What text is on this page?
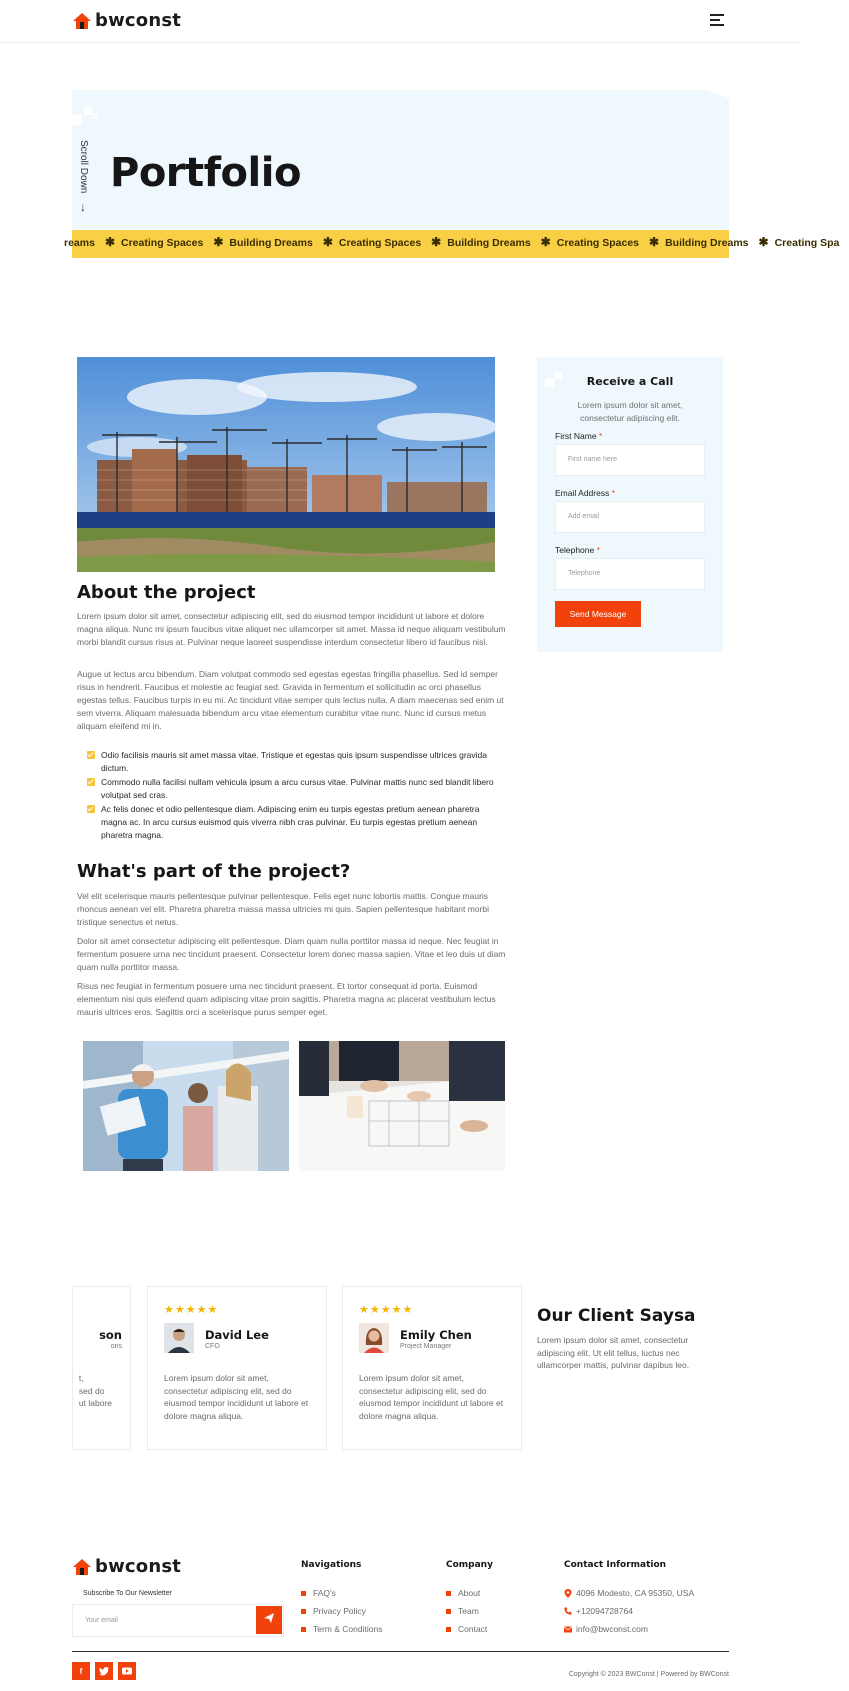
bwconst
Scroll Down
↓
Portfolio
reams ✱ Creating Spaces ✱ Building Dreams ✱ Creating Spaces ✱ Building Dreams ✱ Creating Spaces ✱ Building Dreams ✱ Creating Spa
About the project

Lorem ipsum dolor sit amet, consectetur adipiscing elit, sed do eiusmod tempor incididunt ut labore et dolore magna aliqua. Nunc mi ipsum faucibus vitae aliquet nec ullamcorper sit amet. Massa id neque aliquam vestibulum morbi blandit cursus risus at. Pulvinar neque laoreet suspendisse interdum consectetur libero id faucibus nisl.

Augue ut lectus arcu bibendum. Diam volutpat commodo sed egestas egestas fringilla phasellus. Sed id semper risus in hendrerit. Faucibus et molestie ac feugiat sed. Gravida in fermentum et sollicitudin ac orci phasellus egestas tellus. Faucibus turpis in eu mi. Ac tincidunt vitae semper quis lectus nulla. A diam maecenas sed enim ut sem viverra. Aliquam malesuada bibendum arcu vitae elementum curabitur vitae nunc. Nunc id cursus metus aliquam eleifend mi in.

Odio facilisis mauris sit amet massa vitae. Tristique et egestas quis ipsum suspendisse ultrices gravida dictum.
Commodo nulla facilisi nullam vehicula ipsum a arcu cursus vitae. Pulvinar mattis nunc sed blandit libero volutpat sed cras.
Ac felis donec et odio pellentesque diam. Adipiscing enim eu turpis egestas pretium aenean pharetra magna ac. In arcu cursus euismod quis viverra nibh cras pulvinar. Eu turpis egestas pretium aenean pharetra magna.
What's part of the project?

Vel elit scelerisque mauris pellentesque pulvinar pellentesque. Felis eget nunc lobortis mattis. Congue mauris rhoncus aenean vel elit. Pharetra pharetra massa massa ultricies mi quis. Sapien pellentesque habitant morbi tristique senectus et netus.

Dolor sit amet consectetur adipiscing elit pellentesque. Diam quam nulla porttitor massa id neque. Nec feugiat in fermentum posuere urna nec tincidunt praesent. Consectetur lorem donec massa sapien. Vitae et leo duis ut diam quam nulla porttitor massa.

Risus nec feugiat in fermentum posuere urna nec tincidunt praesent. Et tortor consequat id porta. Euismod elementum nisi quis eleifend quam adipiscing vitae proin sagittis. Pharetra magna ac placerat vestibulum lectus mauris ultrices eros. Sagittis orci a scelerisque purus semper eget.

Receive a Call
Lorem ipsum dolor sit amet, consectetur adipiscing elit.
First Name *
First name here
Email Address *
Add email
Telephone *
Telephone
Send Message
son
ons
t,
sed do
ut labore
★★★★★
David Lee
CFO
Lorem ipsum dolor sit amet, consectetur adipiscing elit, sed do eiusmod tempor incididunt ut labore et dolore magna aliqua.
★★★★★
Emily Chen
Project Manager
Lorem ipsum dolor sit amet, consectetur adipiscing elit, sed do eiusmod tempor incididunt ut labore et dolore magna aliqua.
Our Client Saysa
Lorem ipsum dolor sit amet, consectetur adipiscing elit. Ut elit tellus, luctus nec ullamcorper mattis, pulvinar dapibus leo.
bwconst
Subscribe To Our Newsletter
Your email
Navigations
FAQ's
Privacy Policy
Term & Conditions
Company
About
Team
Contact
Contact Information
4096 Modesto, CA 95350, USA
+12094728764
info@bwconst.com
f	Copyright © 2023 BWConst | Powered by BWConst
